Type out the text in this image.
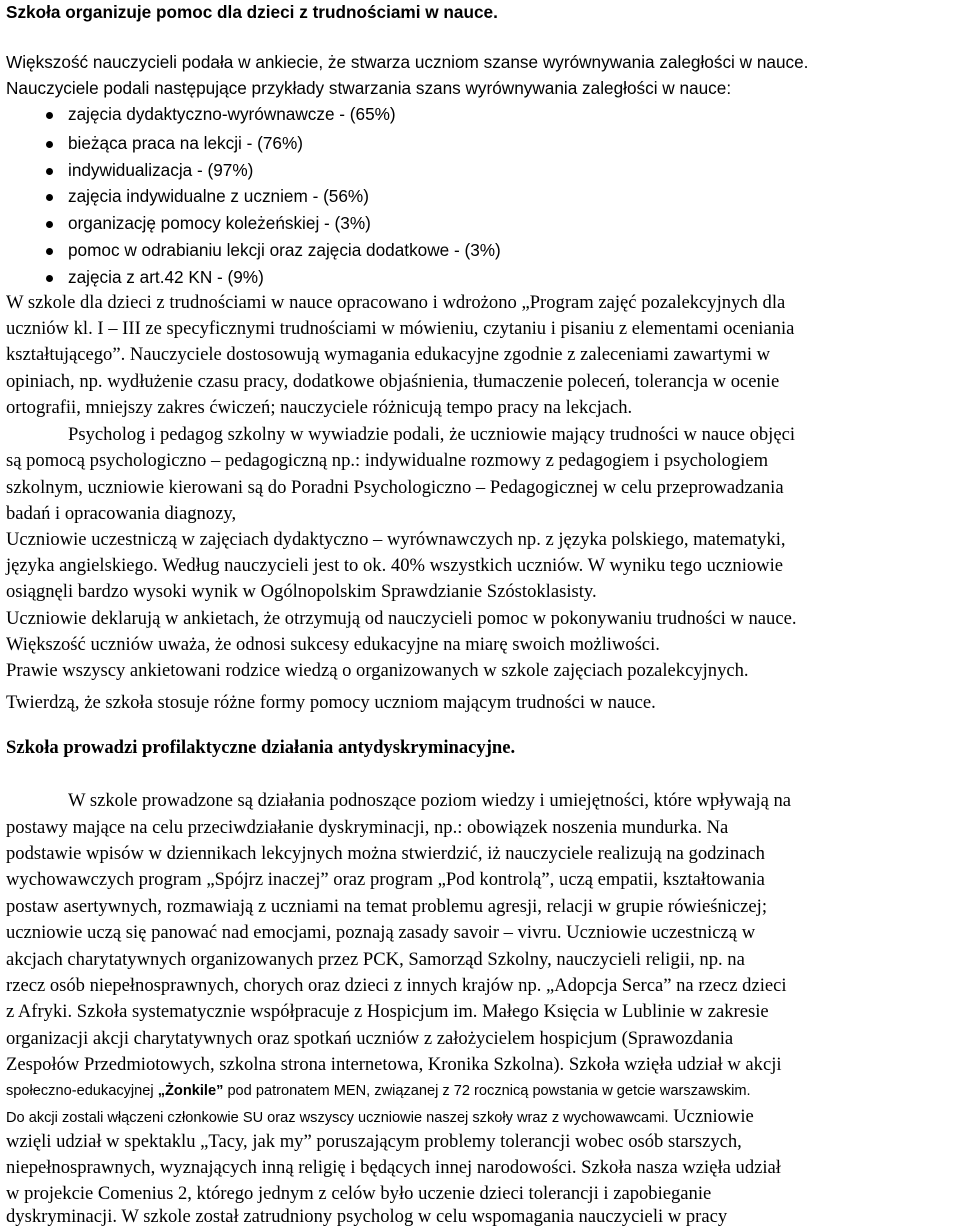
Szkoła organizuje pomoc dla dzieci z trudnościami w nauce.
Większość nauczycieli podała w ankiecie, że stwarza uczniom szanse wyrównywania zaległości w nauce.
Nauczyciele podali następujące przykłady stwarzania szans wyrównywania zaległości w nauce:
zajęcia dydaktyczno-wyrównawcze - (65%)
bieżąca praca na lekcji - (76%)
indywidualizacja - (97%)
zajęcia indywidualne z uczniem - (56%)
organizację pomocy koleżeńskiej - (3%)
pomoc w odrabianiu lekcji oraz zajęcia dodatkowe - (3%)
zajęcia z art.42 KN - (9%)
W szkole dla dzieci z trudnościami w nauce opracowano i wdrożono „Program zajęć pozalekcyjnych dla
uczniów kl. I – III ze specyficznymi trudnościami w mówieniu, czytaniu i pisaniu z elementami oceniania
kształtującego”. Nauczyciele dostosowują wymagania edukacyjne zgodnie z zaleceniami zawartymi w
opiniach, np. wydłużenie czasu pracy, dodatkowe objaśnienia, tłumaczenie poleceń, tolerancja w ocenie
ortografii, mniejszy zakres ćwiczeń; nauczyciele różnicują tempo pracy na lekcjach.
Psycholog i pedagog szkolny w wywiadzie podali, że uczniowie mający trudności w nauce objęci
są pomocą psychologiczno – pedagogiczną np.: indywidualne rozmowy z pedagogiem i psychologiem
szkolnym, uczniowie kierowani są do Poradni Psychologiczno – Pedagogicznej w celu przeprowadzania
badań i opracowania diagnozy,
Uczniowie uczestniczą w zajęciach dydaktyczno – wyrównawczych np. z języka polskiego, matematyki,
języka angielskiego. Według nauczycieli jest to ok. 40% wszystkich uczniów. W wyniku tego uczniowie
osiągnęli bardzo wysoki wynik w Ogólnopolskim Sprawdzianie Szóstoklasisty.
Uczniowie deklarują w ankietach, że otrzymują od nauczycieli pomoc w pokonywaniu trudności w nauce.
Większość uczniów uważa, że odnosi sukcesy edukacyjne na miarę swoich możliwości.
Prawie wszyscy ankietowani rodzice wiedzą o organizowanych w szkole zajęciach pozalekcyjnych.
Twierdzą, że szkoła stosuje różne formy pomocy uczniom mającym trudności w nauce.
Szkoła prowadzi profilaktyczne działania antydyskryminacyjne.
W szkole prowadzone są działania podnoszące poziom wiedzy i umiejętności, które wpływają na
postawy mające na celu przeciwdziałanie dyskryminacji, np.: obowiązek noszenia mundurka. Na
podstawie wpisów w dziennikach lekcyjnych można stwierdzić, iż nauczyciele realizują na godzinach
wychowawczych program „Spójrz inaczej” oraz program „Pod kontrolą”, uczą empatii, kształtowania
postaw asertywnych, rozmawiają z uczniami na temat problemu agresji, relacji w grupie rówieśniczej;
uczniowie uczą się panować nad emocjami, poznają zasady savoir – vivru. Uczniowie uczestniczą w
akcjach charytatywnych organizowanych przez PCK, Samorząd Szkolny, nauczycieli religii, np. na
rzecz osób niepełnosprawnych, chorych oraz dzieci z innych krajów np. „Adopcja Serca” na rzecz dzieci
z Afryki. Szkoła systematycznie współpracuje z Hospicjum im. Małego Księcia w Lublinie w zakresie
organizacji akcji charytatywnych oraz spotkań uczniów z założycielem hospicjum (Sprawozdania
Zespołów Przedmiotowych, szkolna strona internetowa, Kronika Szkolna). Szkoła wzięła udział w akcji
społeczno-edukacyjnej „Żonkile” pod patronatem MEN, związanej z 72 rocznicą powstania w getcie warszawskim.
Do akcji zostali włączeni członkowie SU oraz wszyscy uczniowie naszej szkoły wraz z wychowawcami. Uczniowie
wzięli udział w spektaklu „Tacy, jak my” poruszającym problemy tolerancji wobec osób starszych,
niepełnosprawnych, wyznających inną religię i będących innej narodowości. Szkoła nasza wzięła udział
w projekcie Comenius 2, którego jednym z celów było uczenie dzieci tolerancji i zapobieganie
dyskryminacji. W szkole został zatrudniony psycholog w celu wspomagania nauczycieli w pracy
